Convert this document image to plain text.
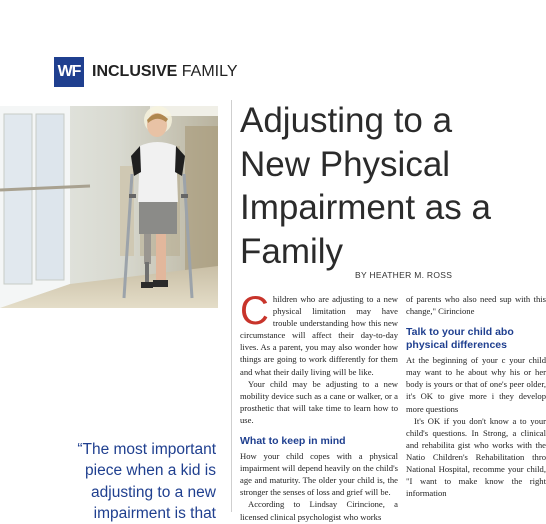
WF INCLUSIVE FAMILY
Adjusting to a
New Physical
Impairment as a
Family
BY HEATHER M. ROSS

Children who are adjusting to a new physical limitation may have trouble understanding how this new circumstance will affect their day-to-day lives. As a parent, you may also wonder how things are going to work differently for them and what their daily living will be like.

Your child may be adjusting to a new mobility device such as a cane or walker, or a prosthetic that will take time to learn how to use.

What to keep in mind

How your child copes with a physical impairment will depend heavily on the child's age and maturity. The older your child is, the stronger the senses of loss and grief will be.

According to Lindsay Cirincione, a licensed clinical psychologist who works

of parents who also need sup with this change," Cirincione

Talk to your child abo physical differences

At the beginning of your c your child may want to he about why his or her body is yours or that of one's peer older, it's OK to give more i they develop more questions

It's OK if you don't know a to your child's questions. In Strong, a clinical and rehabilita gist who works with the Natio Children's Rehabilitation thro National Hospital, recomme your child, "I want to make know the right information

“The most important
piece when a kid is
adjusting to a new
impairment is that
